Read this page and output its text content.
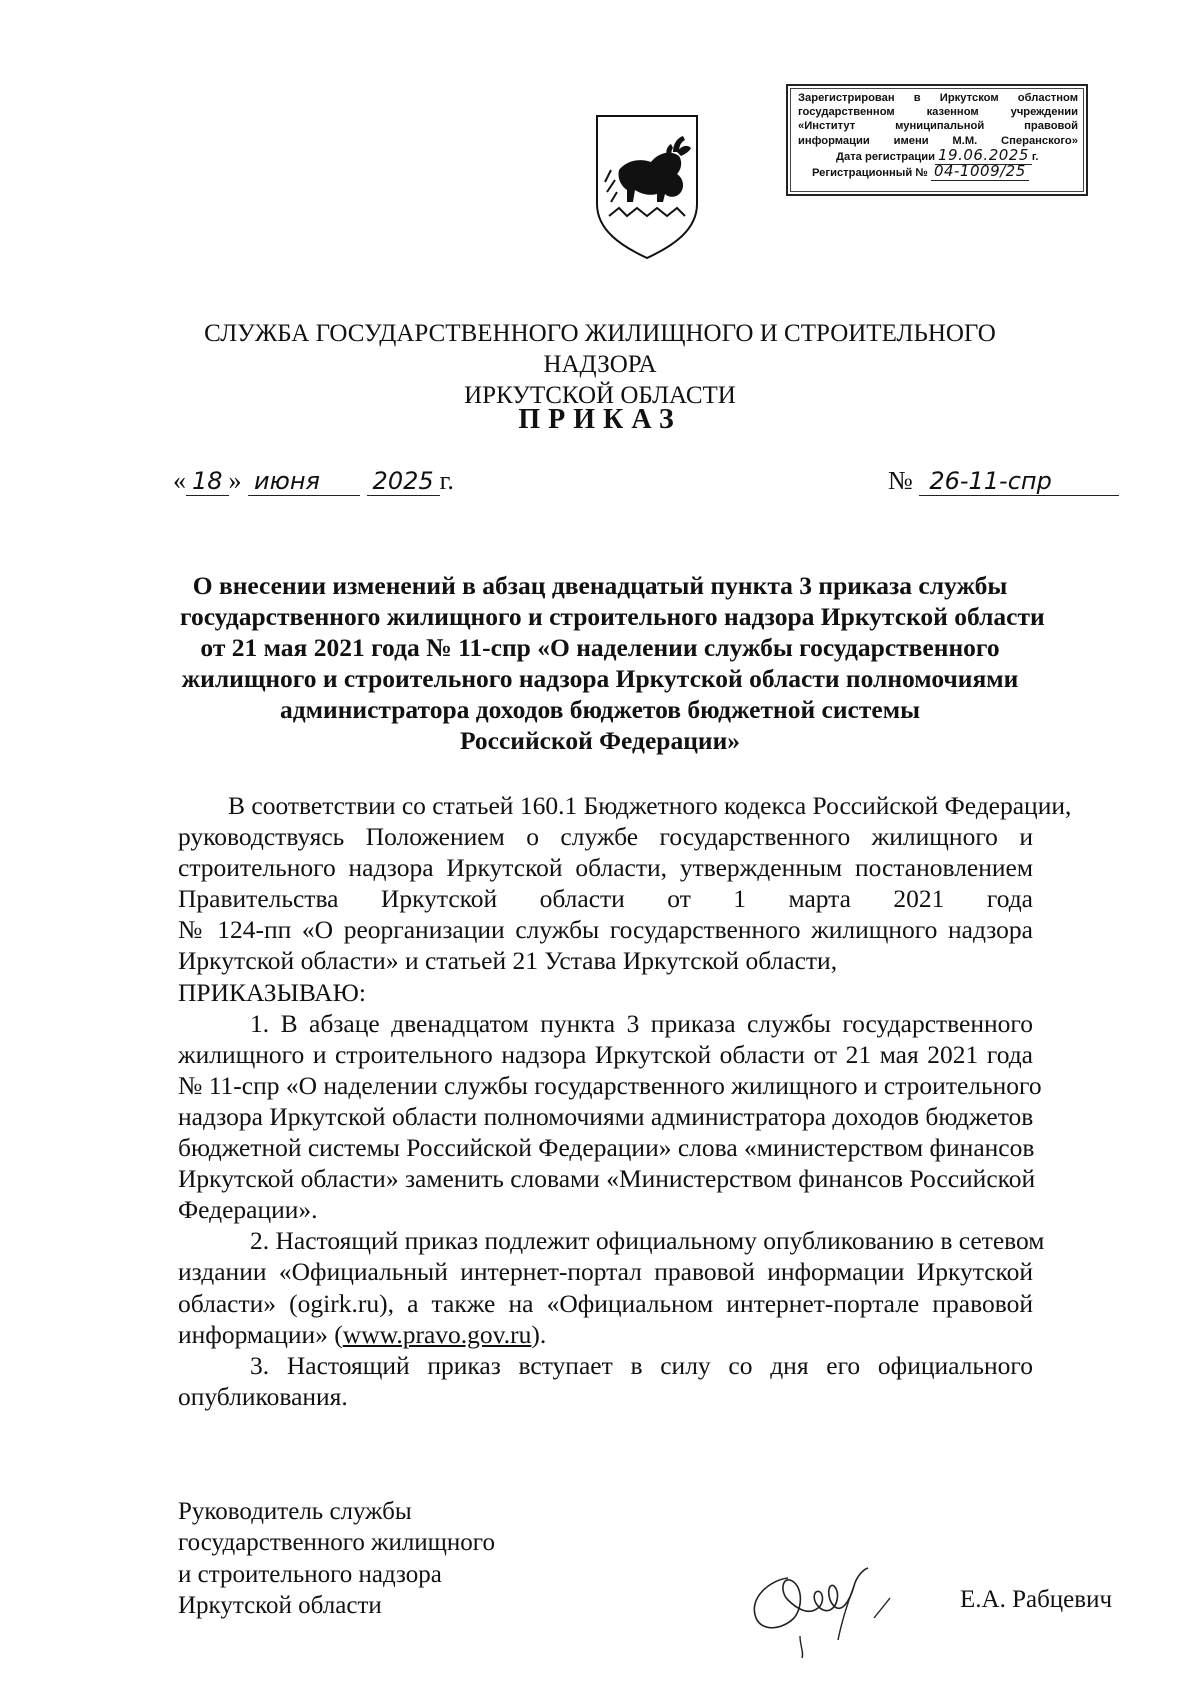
Зарегистрирован в Иркутском областном
государственном казенном учреждении
«Институт муниципальной правовой
информации имени М.М. Сперанского»
Дата регистрации 19.06.2025 г.
Регистрационный № 04-1009/25
СЛУЖБА ГОСУДАРСТВЕННОГО ЖИЛИЩНОГО И СТРОИТЕЛЬНОГО НАДЗОРА
ИРКУТСКОЙ ОБЛАСТИ
ПРИКАЗ
« 18 » июня 2025 г.	№ 26-11-спр
О внесении изменений в абзац двенадцатый пункта 3 приказа службы
государственного жилищного и строительного надзора Иркутской области
от 21 мая 2021 года № 11-спр «О наделении службы государственного
жилищного и строительного надзора Иркутской области полномочиями
администратора доходов бюджетов бюджетной системы
Российской Федерации»
В соответствии со статьей 160.1 Бюджетного кодекса Российской Федерации,
руководствуясь Положением о службе государственного жилищного и
строительного надзора Иркутской области, утвержденным постановлением
Правительства Иркутской области от 1 марта 2021 года
№ 124-пп «О реорганизации службы государственного жилищного надзора
Иркутской области» и статьей 21 Устава Иркутской области,
ПРИКАЗЫВАЮ:
1. В абзаце двенадцатом пункта 3 приказа службы государственного
жилищного и строительного надзора Иркутской области от 21 мая 2021 года
№ 11-спр «О наделении службы государственного жилищного и строительного
надзора Иркутской области полномочиями администратора доходов бюджетов
бюджетной системы Российской Федерации» слова «министерством финансов
Иркутской области» заменить словами «Министерством финансов Российской
Федерации».
2. Настоящий приказ подлежит официальному опубликованию в сетевом
издании «Официальный интернет-портал правовой информации Иркутской
области» (ogirk.ru), а также на «Официальном интернет-портале правовой
информации» (www.pravo.gov.ru).
3. Настоящий приказ вступает в силу со дня его официального
опубликования.
Руководитель службы
государственного жилищного
и строительного надзора
Иркутской области	Е.А. Рабцевич
